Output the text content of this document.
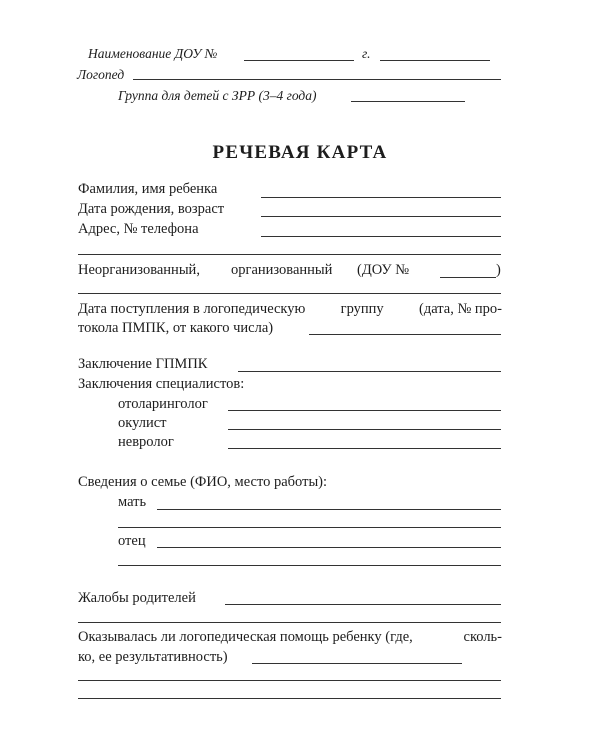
Наименование ДОУ №	г.
Логопед
Группа для детей с ЗРР (3–4 года)
РЕЧЕВАЯ КАРТА
Фамилия, имя ребенка
Дата рождения, возраст
Адрес, № телефона
Неорганизованный, организованный (ДОУ №	)
Дата поступления в логопедическую группу (дата, № про-
токола ПМПК, от какого числа)
Заключение ГПМПК
Заключения специалистов:
отоларинголог
окулист
невролог
Сведения о семье (ФИО, место работы):
мать
отец
Жалобы родителей
Оказывалась ли логопедическая помощь ребенку (где,	сколь-
ко, ее результативность)
